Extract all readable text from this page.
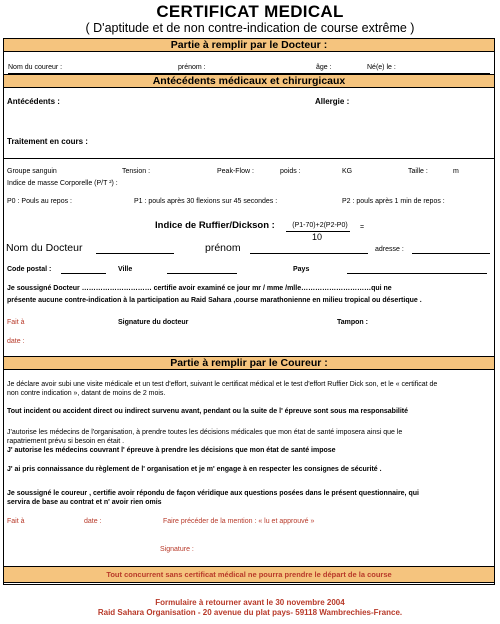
CERTIFICAT MEDICAL
( D'aptitude et de non contre-indication de course extrême )
Partie à remplir par le Docteur :
Nom du coureur :	prénom :	âge :	Né(e) le :
Antécédents médicaux et chirurgicaux
Antécédents :	Allergie :
Traitement en cours :
Groupe sanguin	Tension :	Peak-Flow :	poids :	KG	Taille :	m
Indice de masse Corporelle (P/T ²) :
P0 : Pouls au repos :	P1 : pouls après 30 flexions sur 45 secondes :	P2 : pouls après 1 min de repos :
Indice de Ruffier/Dickson :	(P1-70)+2(P2-P0)
10
=
Nom du Docteur	prénom	adresse :
Code postal :	Ville	Pays
Je soussigné Docteur ………………………… certifie avoir examiné ce jour mr / mme /mlle…………………………qui ne
présente aucune contre-indication à la participation au Raid Sahara ,course marathonienne en milieu tropical ou désertique .
Fait à	Signature du docteur	Tampon :
date :
Partie à remplir par le Coureur :
Je déclare avoir subi une visite médicale et un test d'effort, suivant le certificat médical et le test d'effort Ruffier Dick son, et le « certificat de
non contre indication », datant de moins de 2 mois.
Tout incident ou accident direct ou indirect survenu avant, pendant ou la suite de l' épreuve sont sous ma responsabilité
J'autorise les médecins de l'organisation, à prendre toutes les décisions médicales que mon état de santé imposera ainsi que le
rapatriement prévu si besoin en était .
J' autorise les médecins couvrant l' épreuve à prendre les décisions que mon état de santé impose
J' ai pris connaissance du règlement de l' organisation et je m' engage à en respecter les consignes de sécurité .
Je soussigné le coureur , certifie avoir répondu de façon véridique aux questions posées dans le présent questionnaire, qui
servira de base au contrat et n' avoir rien omis
Fait à	date :	Faire précéder de la mention : « lu et approuvé »
Signature :
Tout concurrent sans certificat médical ne pourra prendre le départ de la course
Formulaire à retourner avant le 30 novembre 2004
Raid Sahara Organisation - 20 avenue du plat pays- 59118 Wambrechies-France.
